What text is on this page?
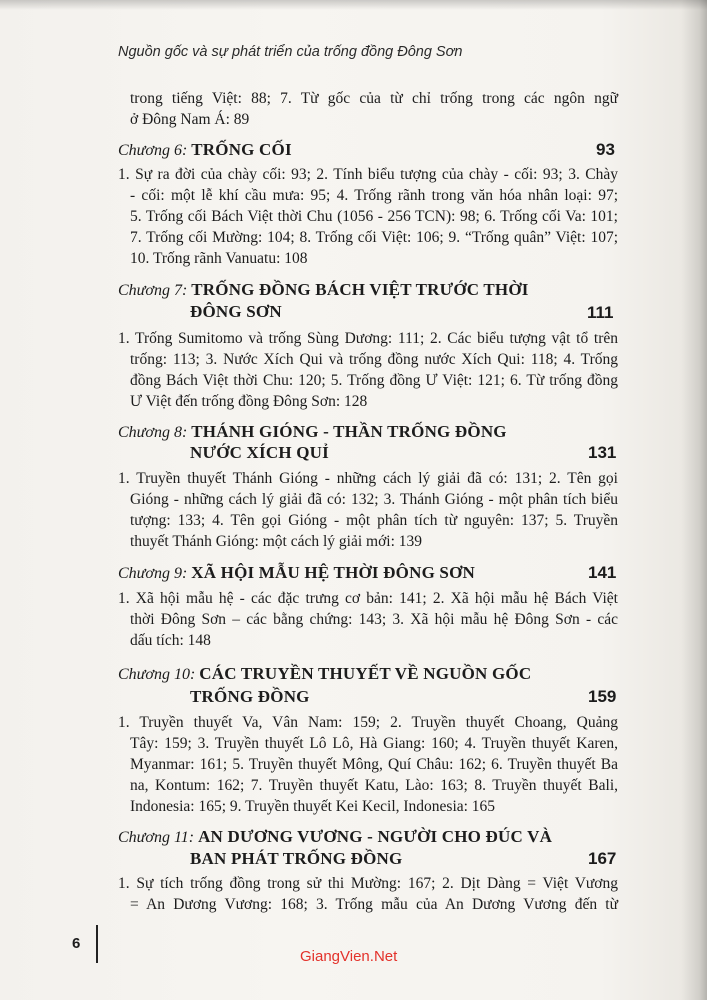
Nguồn gốc và sự phát triển của trống đồng Đông Sơn
trong tiếng Việt: 88; 7. Từ gốc của từ chỉ trống trong các ngôn ngữ
ở Đông Nam Á: 89
Chương 6: TRỐNG CỐI	93
1. Sự ra đời của chày cối: 93; 2. Tính biểu tượng của chày - cối: 93; 3. Chày
- cối: một lễ khí cầu mưa: 95; 4. Trống rãnh trong văn hóa nhân loại: 97;
5. Trống cối Bách Việt thời Chu (1056 - 256 TCN): 98; 6. Trống cối Va: 101;
7. Trống cối Mường: 104; 8. Trống cối Việt: 106; 9. “Trống quân” Việt: 107;
10. Trống rãnh Vanuatu: 108
Chương 7: TRỐNG ĐỒNG BÁCH VIỆT TRƯỚC THỜI
ĐÔNG SƠN	111
1. Trống Sumitomo và trống Sùng Dương: 111; 2. Các biểu tượng vật tổ trên
trống: 113; 3. Nước Xích Qui và trống đồng nước Xích Qui: 118; 4. Trống
đồng Bách Việt thời Chu: 120; 5. Trống đồng Ư Việt: 121; 6. Từ trống đồng
Ư Việt đến trống đồng Đông Sơn: 128
Chương 8: THÁNH GIÓNG - THẦN TRỐNG ĐỒNG
NƯỚC XÍCH QUỈ	131
1. Truyền thuyết Thánh Gióng - những cách lý giải đã có: 131; 2. Tên gọi
Gióng - những cách lý giải đã có: 132; 3. Thánh Gióng - một phân tích biểu
tượng: 133; 4. Tên gọi Gióng - một phân tích từ nguyên: 137; 5. Truyền
thuyết Thánh Gióng: một cách lý giải mới: 139
Chương 9: XÃ HỘI MẪU HỆ THỜI ĐÔNG SƠN	141
1. Xã hội mẫu hệ - các đặc trưng cơ bản: 141; 2. Xã hội mẫu hệ Bách Việt
thời Đông Sơn – các bằng chứng: 143; 3. Xã hội mẫu hệ Đông Sơn - các
dấu tích: 148
Chương 10: CÁC TRUYỀN THUYẾT VỀ NGUỒN GỐC
TRỐNG ĐỒNG	159
1. Truyền thuyết Va, Vân Nam: 159; 2. Truyền thuyết Choang, Quảng
Tây: 159; 3. Truyền thuyết Lô Lô, Hà Giang: 160; 4. Truyền thuyết Karen,
Myanmar: 161; 5. Truyền thuyết Mông, Quí Châu: 162; 6. Truyền thuyết Ba
na, Kontum: 162; 7. Truyền thuyết Katu, Lào: 163; 8. Truyền thuyết Bali,
Indonesia: 165; 9. Truyền thuyết Kei Kecil, Indonesia: 165
Chương 11: AN DƯƠNG VƯƠNG - NGƯỜI CHO ĐÚC VÀ
BAN PHÁT TRỐNG ĐỒNG	167
1. Sự tích trống đồng trong sử thi Mường: 167; 2. Dịt Dàng = Việt Vương
= An Dương Vương: 168; 3. Trống mẫu của An Dương Vương đến từ
6
GiangVien.Net
